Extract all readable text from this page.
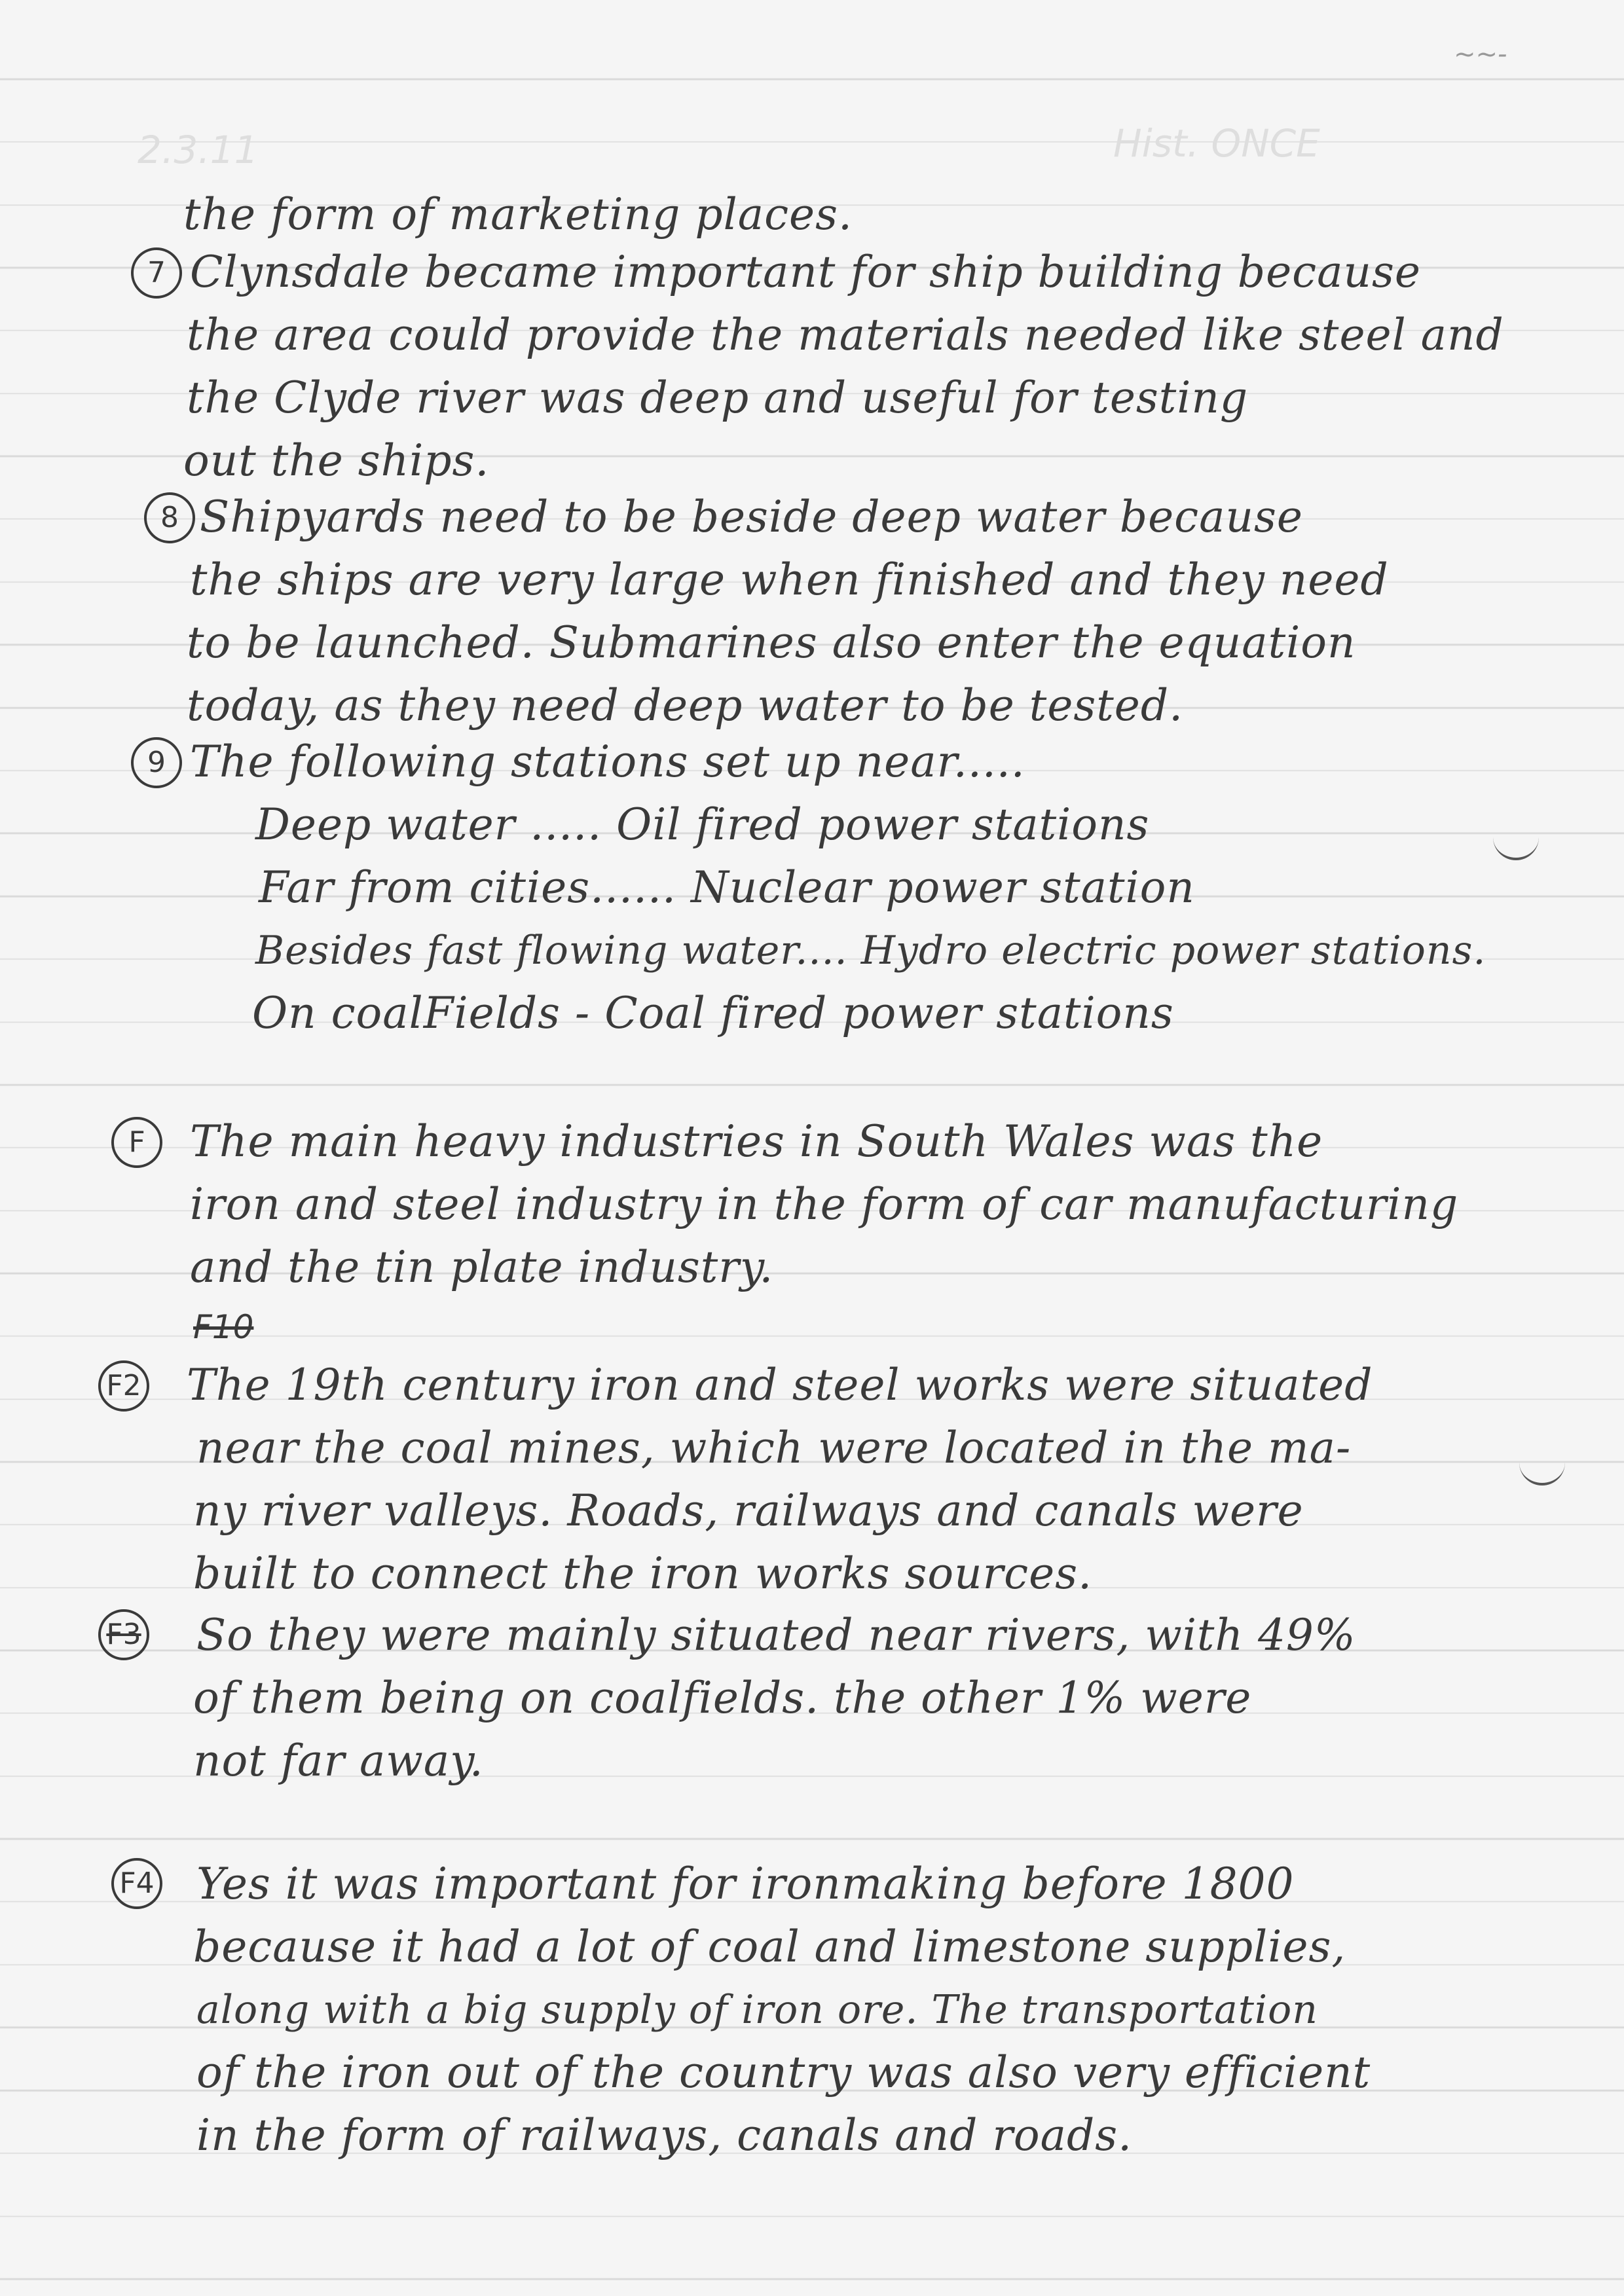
2.3.11	Hist. ONCE
~~-
the form of marketing places.
7 Clynsdale became important for ship building because
the area could provide the materials needed like steel and
the Clyde river was deep and useful for testing
out the ships.
8 Shipyards need to be beside deep water because
the ships are very large when finished and they need
to be launched. Submarines also enter the equation
today, as they need deep water to be tested.
9 The following stations set up near.....
Deep water ..... Oil fired power stations
Far from cities...... Nuclear power station
Besides fast flowing water.... Hydro electric power stations.
On coalFields - Coal fired power stations
F	The main heavy industries in South Wales was the
iron and steel industry in the form of car manufacturing
and the tin plate industry.
F10
F2 The 19th century iron and steel works were situated
near the coal mines, which were located in the ma-
ny river valleys. Roads, railways and canals were
built to connect the iron works sources.
F3 So they were mainly situated near rivers, with 49%
of them being on coalfields. the other 1% were
not far away.
F4 Yes it was important for ironmaking before 1800
because it had a lot of coal and limestone supplies,
along with a big supply of iron ore. The transportation
of the iron out of the country was also very efficient
in the form of railways, canals and roads.
